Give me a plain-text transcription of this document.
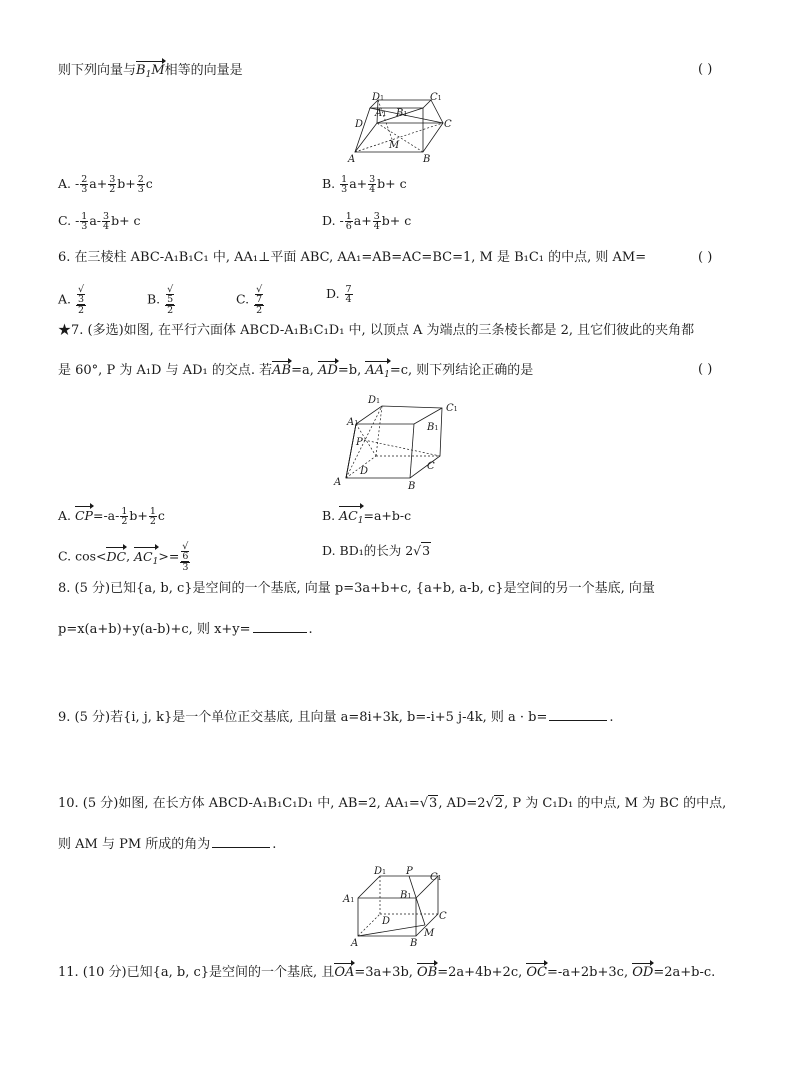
则下列向量与$B_1M$相等的向量是	( )
D1	C1
A1 B1
D	C
M
A	B
A. - $\frac{2}{3} a+ \frac{3}{2} b+ \frac{2}{3}$ c	B. $\frac{1}{3} a+ \frac{3}{4} b+ c$
C. - $\frac{1}{3} a- \frac{3}{4} b+ c$	D. - $\frac{1}{6} a+ \frac{3}{4} b+ c$
6. 在三棱柱 ABC-A₁B₁C₁ 中, AA₁⊥平面 ABC, AA₁=AB=AC=BC=1, M 是 B₁C₁ 的中点, 则 AM=	( )
A. √
3
2	B. √
5
2	C. √
7
2	D. $\frac{7}{4}$
★7. (多选)如图, 在平行六面体 ABCD-A₁B₁C₁D₁ 中, 以顶点 A 为端点的三条棱长都是 2, 且它们彼此的夹角都
是 60°, P 为 A₁D 与 AD₁ 的交点. 若AB=a, AD=b, $AA_1=c$, 则下列结论正确的是	( )
D1
C1
A1	B1
P
D	C
A	B
A. $CP=-a- \frac{1}{2} b+ \frac{1}{2}$ c	B. $AC_1=a+b-c$
C. cos<DC, $AC_1>=$ √
6
3	D. BD₁的长为 2√3
8. (5 分)已知{a, b, c}是空间的一个基底, 向量 p=3a+b+c, {a+b, a-b, c}是空间的另一个基底, 向量
p=x(a+b)+y(a-b)+c, 则 x+y=	.
9. (5 分)若{i, j, k}是一个单位正交基底, 且向量 a=8i+3k, b=-i+5 j-4k, 则 a · b=	.
10. (5 分)如图, 在长方体 ABCD-A₁B₁C₁D₁ 中, AB=2, AA₁=√3, AD=2√2, P 为 C₁D₁ 的中点, M 为 BC 的中点,
则 AM 与 PM 所成的角为	.
D1 P
C1
A1	B1
D	C
M
A	B
11. (10 分)已知{a, b, c}是空间的一个基底, 且OA=3a+3b, OB=2a+4b+2c, OC=-a+2b+3c, OD=2a+b-c.
